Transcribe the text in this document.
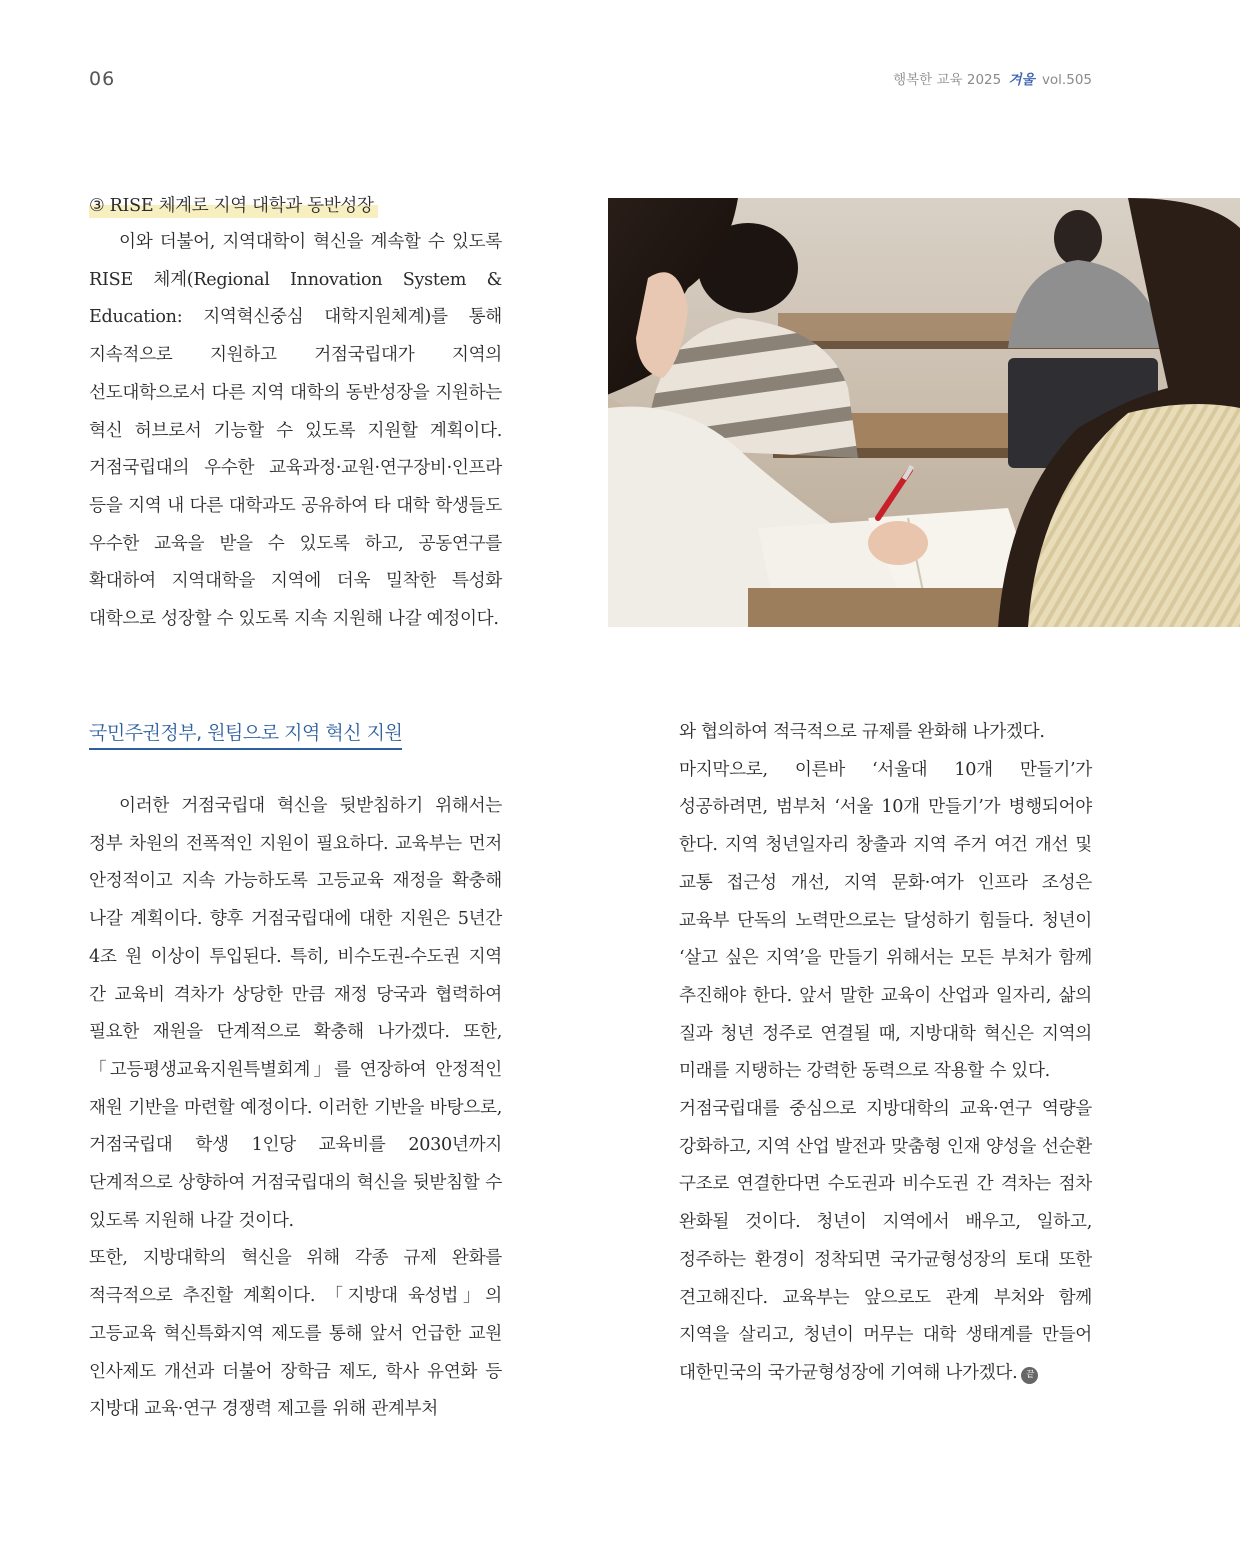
06	행복한 교육 2025 겨울 vol.505
③ RISE 체계로 지역 대학과 동반성장

이와 더불어, 지역대학이 혁신을 계속할 수 있도록 RISE 체계(Regional Innovation System & Education: 지역혁신중심 대학지원체계)를 통해 지속적으로 지원하고 거점국립대가 지역의 선도대학으로서 다른 지역 대학의 동반성장을 지원하는 혁신 허브로서 기능할 수 있도록 지원할 계획이다. 거점국립대의 우수한 교육과정·교원·연구장비·인프라 등을 지역 내 다른 대학과도 공유하여 타 대학 학생들도 우수한 교육을 받을 수 있도록 하고, 공동연구를 확대하여 지역대학을 지역에 더욱 밀착한 특성화 대학으로 성장할 수 있도록 지속 지원해 나갈 예정이다.

국민주권정부, 원팀으로 지역 혁신 지원

이러한 거점국립대 혁신을 뒷받침하기 위해서는 정부 차원의 전폭적인 지원이 필요하다. 교육부는 먼저 안정적이고 지속 가능하도록 고등교육 재정을 확충해 나갈 계획이다. 향후 거점국립대에 대한 지원은 5년간 4조 원 이상이 투입된다. 특히, 비수도권-수도권 지역 간 교육비 격차가 상당한 만큼 재정 당국과 협력하여 필요한 재원을 단계적으로 확충해 나가겠다. 또한, 「고등평생교육지원특별회계」를 연장하여 안정적인 재원 기반을 마련할 예정이다. 이러한 기반을 바탕으로, 거점국립대 학생 1인당 교육비를 2030년까지 단계적으로 상향하여 거점국립대의 혁신을 뒷받침할 수 있도록 지원해 나갈 것이다.

또한, 지방대학의 혁신을 위해 각종 규제 완화를 적극적으로 추진할 계획이다. 「지방대 육성법」의 고등교육 혁신특화지역 제도를 통해 앞서 언급한 교원 인사제도 개선과 더불어 장학금 제도, 학사 유연화 등 지방대 교육·연구 경쟁력 제고를 위해 관계부처

와 협의하여 적극적으로 규제를 완화해 나가겠다.

마지막으로, 이른바 ‘서울대 10개 만들기’가 성공하려면, 범부처 ‘서울 10개 만들기’가 병행되어야 한다. 지역 청년일자리 창출과 지역 주거 여건 개선 및 교통 접근성 개선, 지역 문화·여가 인프라 조성은 교육부 단독의 노력만으로는 달성하기 힘들다. 청년이 ‘살고 싶은 지역’을 만들기 위해서는 모든 부처가 함께 추진해야 한다. 앞서 말한 교육이 산업과 일자리, 삶의 질과 청년 정주로 연결될 때, 지방대학 혁신은 지역의 미래를 지탱하는 강력한 동력으로 작용할 수 있다.

거점국립대를 중심으로 지방대학의 교육·연구 역량을 강화하고, 지역 산업 발전과 맞춤형 인재 양성을 선순환 구조로 연결한다면 수도권과 비수도권 간 격차는 점차 완화될 것이다. 청년이 지역에서 배우고, 일하고, 정주하는 환경이 정착되면 국가균형성장의 토대 또한 견고해진다. 교육부는 앞으로도 관계 부처와 함께 지역을 살리고, 청년이 머무는 대학 생태계를 만들어 대한민국의 국가균형성장에 기여해 나가겠다. 끝
